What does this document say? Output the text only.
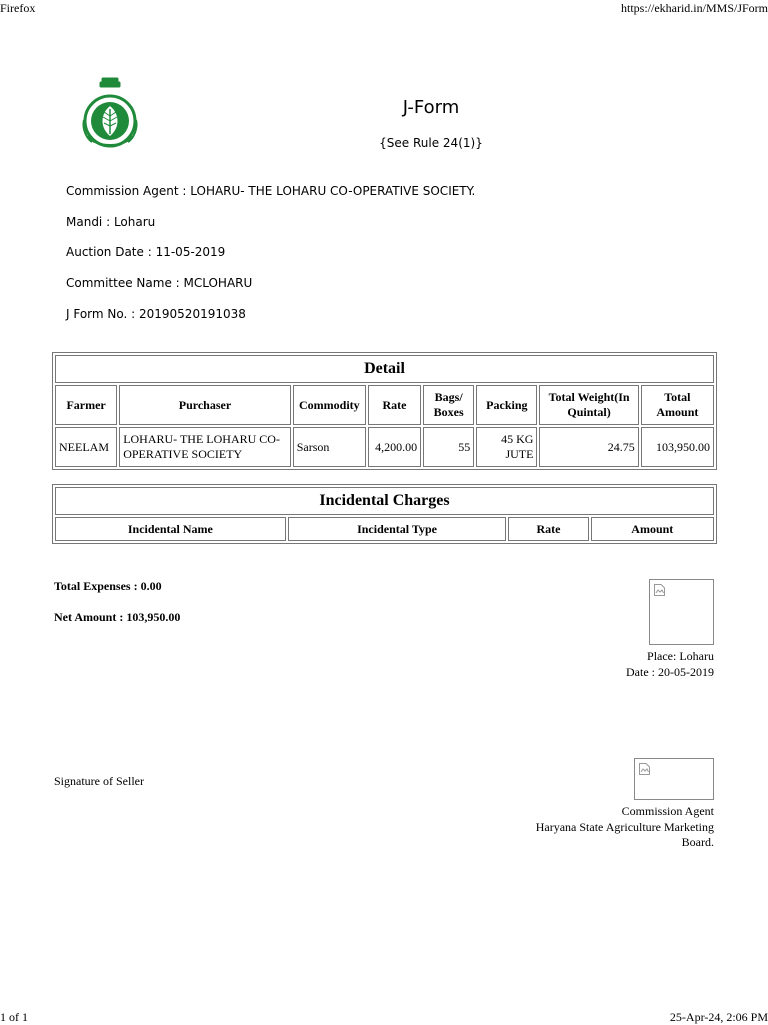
Firefox	https://ekharid.in/MMS/JForm
J-Form
{See Rule 24(1)}
Commission Agent : LOHARU- THE LOHARU CO-OPERATIVE SOCIETY.
Mandi : Loharu
Auction Date : 11-05-2019
Committee Name : MCLOHARU
J Form No. : 20190520191038
Detail							
Farmer	Purchaser	Commodity	Rate	Bags/ Boxes	Packing	Total Weight(In Quintal)	Total Amount
NEELAM	LOHARU- THE LOHARU CO-OPERATIVE SOCIETY	Sarson	4,200.00	55	45 KG JUTE	24.75	103,950.00
Incidental Charges
Incidental Name	Incidental Type	Rate	Amount
Total Expenses : 0.00
Net Amount : 103,950.00
Place: Loharu
Date : 20-05-2019
Signature of Seller
Commission Agent
Haryana State Agriculture Marketing
Board.
1 of 1	25-Apr-24, 2:06 PM
